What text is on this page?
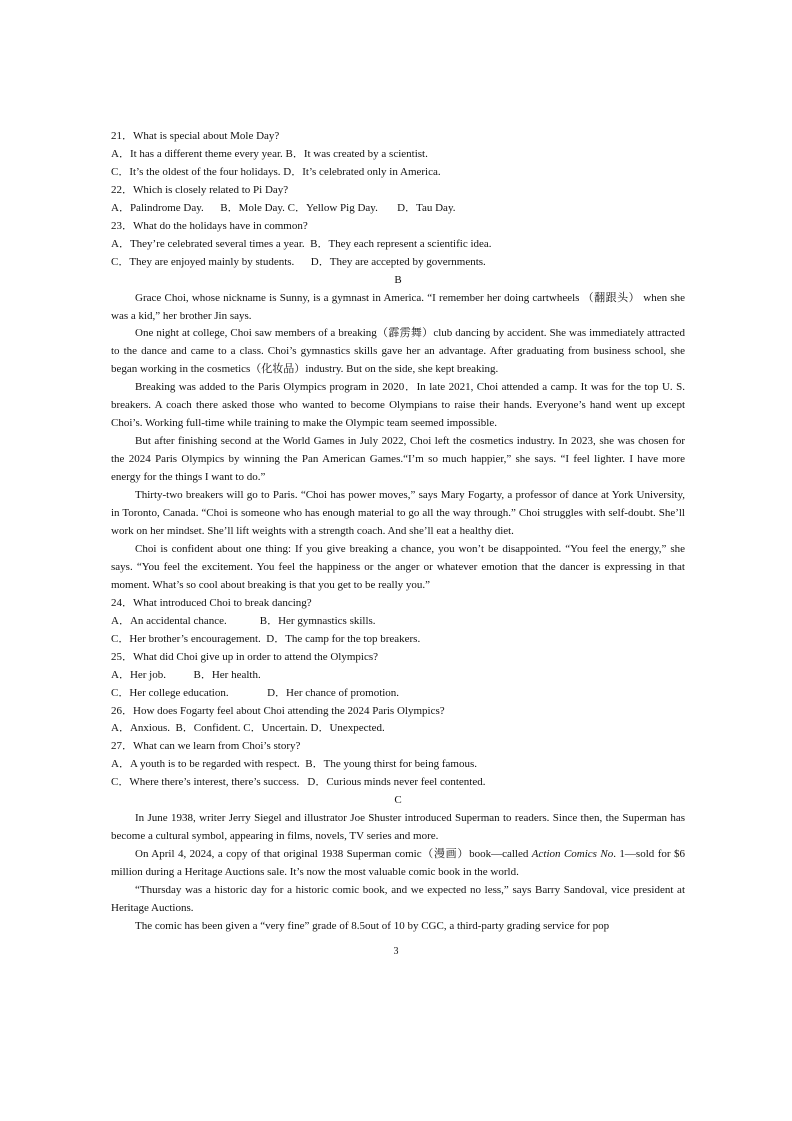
21．What is special about Mole Day?
A．It has a different theme every year. B．It was created by a scientist.
C．It’s the oldest of the four holidays. D．It’s celebrated only in America.
22．Which is closely related to Pi Day?
A．Palindrome Day.      B．Mole Day. C．Yellow Pig Day.       D．Tau Day.
23．What do the holidays have in common?
A．They’re celebrated several times a year.  B．They each represent a scientific idea.
C．They are enjoyed mainly by students.      D．They are accepted by governments.
B
Grace Choi, whose nickname is Sunny, is a gymnast in America. “I remember her doing cartwheels （翻跟头） when she was a kid,” her brother Jin says.
One night at college, Choi saw members of a breaking（霹雳舞）club dancing by accident. She was immediately attracted to the dance and came to a class. Choi’s gymnastics skills gave her an advantage. After graduating from business school, she began working in the cosmetics（化妆品）industry. But on the side, she kept breaking.
Breaking was added to the Paris Olympics program in 2020．In late 2021, Choi attended a camp. It was for the top U. S. breakers. A coach there asked those who wanted to become Olympians to raise their hands. Everyone’s hand went up except Choi’s. Working full-time while training to make the Olympic team seemed impossible.
But after finishing second at the World Games in July 2022, Choi left the cosmetics industry. In 2023, she was chosen for the 2024 Paris Olympics by winning the Pan American Games.“I’m so much happier,” she says. “I feel lighter. I have more energy for the things I want to do.”
Thirty-two breakers will go to Paris. “Choi has power moves,” says Mary Fogarty, a professor of dance at York University, in Toronto, Canada. “Choi is someone who has enough material to go all the way through.” Choi struggles with self-doubt. She’ll work on her mindset. She’ll lift weights with a strength coach. And she’ll eat a healthy diet.
Choi is confident about one thing: If you give breaking a chance, you won’t be disappointed. “You feel the energy,” she says. “You feel the excitement. You feel the happiness or the anger or whatever emotion that the dancer is expressing in that moment. What’s so cool about breaking is that you get to be really you.”
24．What introduced Choi to break dancing?
A．An accidental chance.            B．Her gymnastics skills.
C．Her brother’s encouragement.  D．The camp for the top breakers.
25．What did Choi give up in order to attend the Olympics?
A．Her job.          B．Her health.
C．Her college education.              D．Her chance of promotion.
26．How does Fogarty feel about Choi attending the 2024 Paris Olympics?
A．Anxious.  B．Confident. C．Uncertain. D．Unexpected.
27．What can we learn from Choi’s story?
A．A youth is to be regarded with respect.  B．The young thirst for being famous.
C．Where there’s interest, there’s success.   D．Curious minds never feel contented.
C
In June 1938, writer Jerry Siegel and illustrator Joe Shuster introduced Superman to readers. Since then, the Superman has become a cultural symbol, appearing in films, novels, TV series and more.
On April 4, 2024, a copy of that original 1938 Superman comic（漫画）book—called Action Comics No. 1—sold for $6 million during a Heritage Auctions sale. It’s now the most valuable comic book in the world.
“Thursday was a historic day for a historic comic book, and we expected no less,” says Barry Sandoval, vice president at Heritage Auctions.
The comic has been given a “very fine” grade of 8.5out of 10 by CGC, a third-party grading service for pop
3
